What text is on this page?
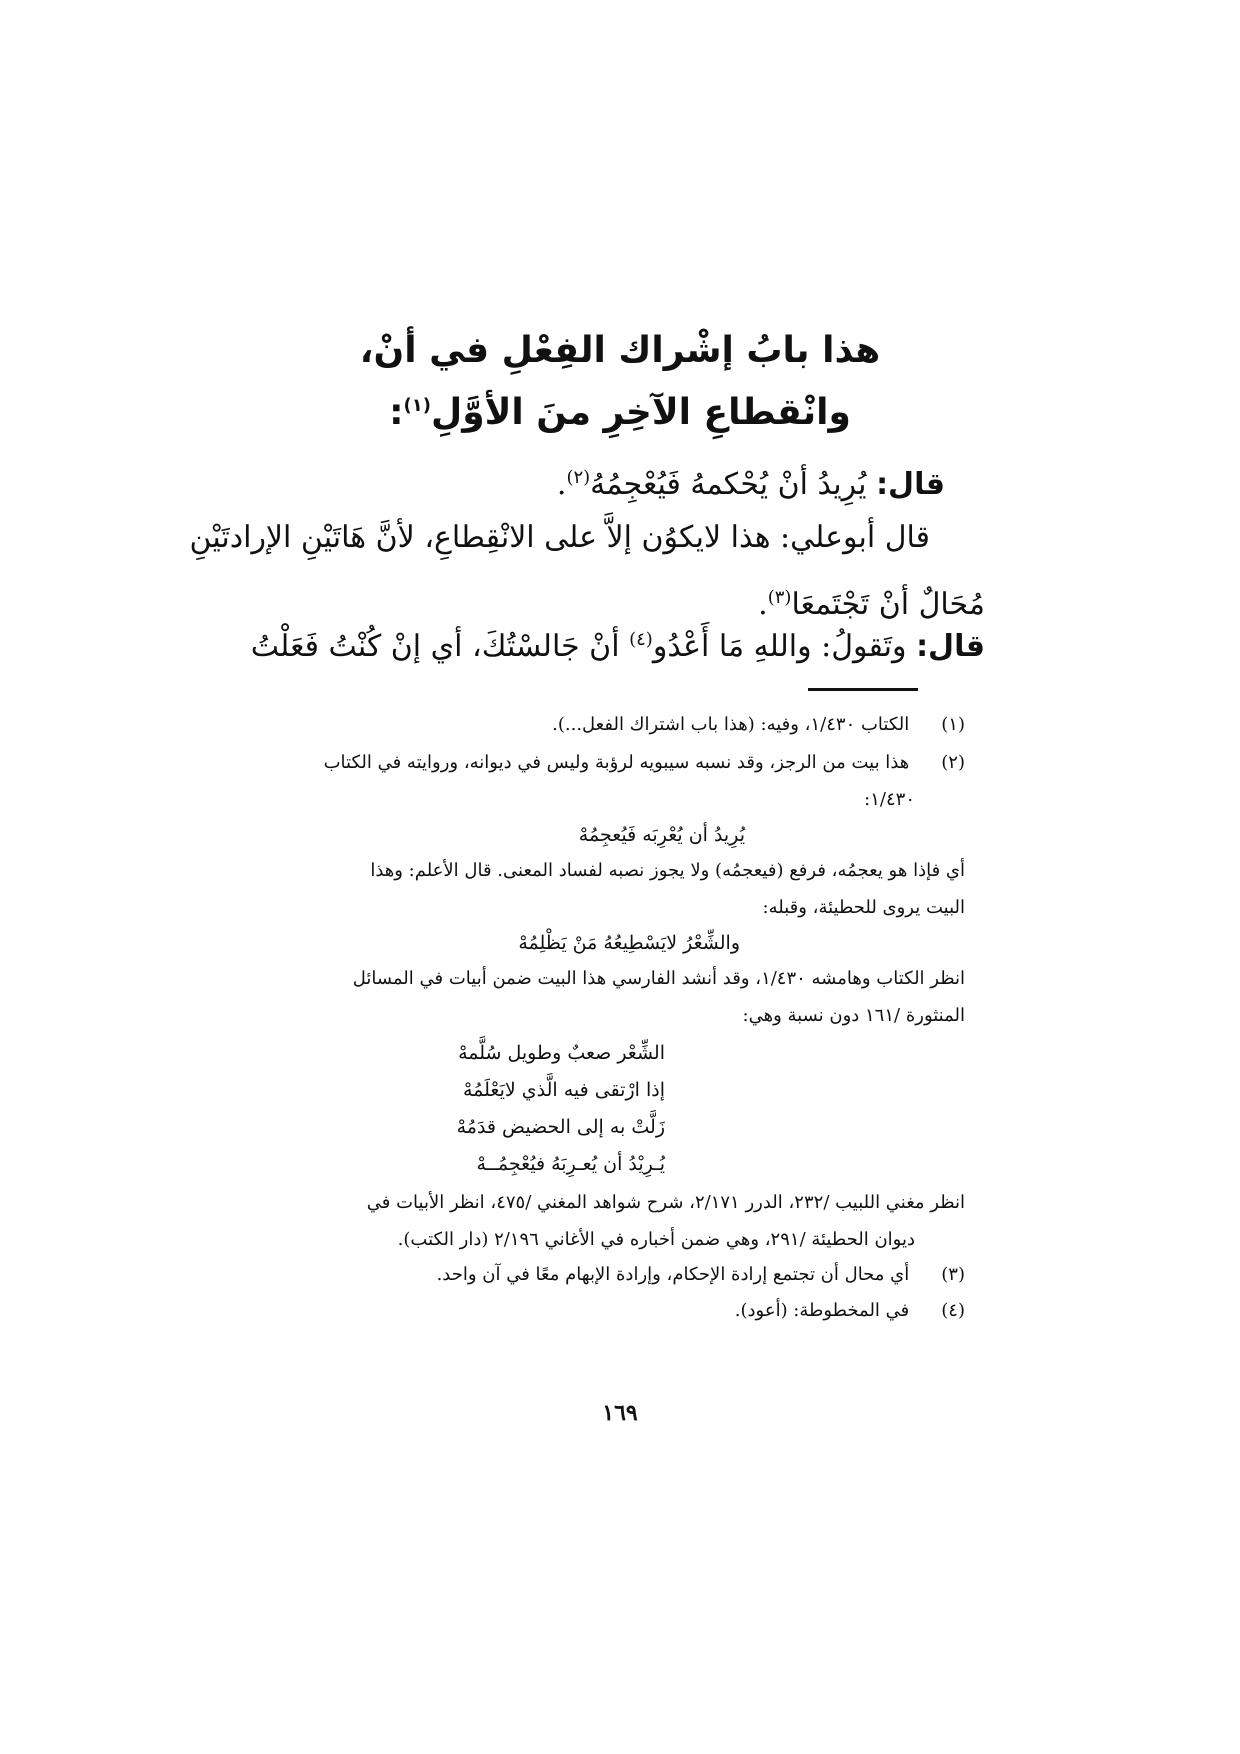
هذا بابُ إشْراك الفِعْلِ في أنْ،
وانْقطاعِ الآخِرِ منَ الأوَّلِ$^{(١)}$:
قال: يُرِيدُ أنْ يُحْكمهُ فَيُعْجِمُهُ$^{(٢)}$.
قال أبوعلي: هذا لايكوُن إلاَّ على الانْقِطاعِ، لأنَّ هَاتَيْنِ الإرادتَيْنِ
مُحَالٌ أنْ تَجْتَمعَا$^{(٣)}$.
قال: وتَقولُ: واللهِ مَا أَعْدُو$^{(٤)}$ أنْ جَالسْتُكَ، أي إنْ كُنْتُ فَعَلْتُ
(١) الكتاب ١/٤٣٠، وفيه: (هذا باب اشتراك الفعل...).
(٢) هذا بيت من الرجز، وقد نسبه سيبويه لرؤبة وليس في ديوانه، وروايته في الكتاب
١/٤٣٠:
يُرِيدُ أن يُعْرِبَه فَيُعجِمُهْ
أي فإذا هو يعجمُه، فرفع (فيعجمُه) ولا يجوز نصبه لفساد المعنى. قال الأعلم: وهذا
البيت يروى للحطيئة، وقبله:
والشِّعْرُ لايَسْطِيعُهُ مَنْ يَظْلِمُهْ
انظر الكتاب وهامشه ١/٤٣٠، وقد أنشد الفارسي هذا البيت ضمن أبيات في المسائل
المنثورة /١٦١ دون نسبة وهي:
الشِّعْر صعبٌ وطويل سُلَّمهْ
إذا ارْتقى فيه الَّذي لايَعْلَمُهْ
زَلَّتْ به إلى الحضيض قدَمُهْ
يُـرِيْدُ أن يُعـرِبَهُ فيُعْجِمُــهْ
انظر مغني اللبيب /٢٣٢، الدرر ٢/١٧١، شرح شواهد المغني /٤٧٥، انظر الأبيات في
ديوان الحطيئة /٢٩١، وهي ضمن أخباره في الأغاني ٢/١٩٦ (دار الكتب).
(٣) أي محال أن تجتمع إرادة الإحكام، وإرادة الإبهام معًا في آن واحد.
(٤) في المخطوطة: (أعود).
١٦٩
